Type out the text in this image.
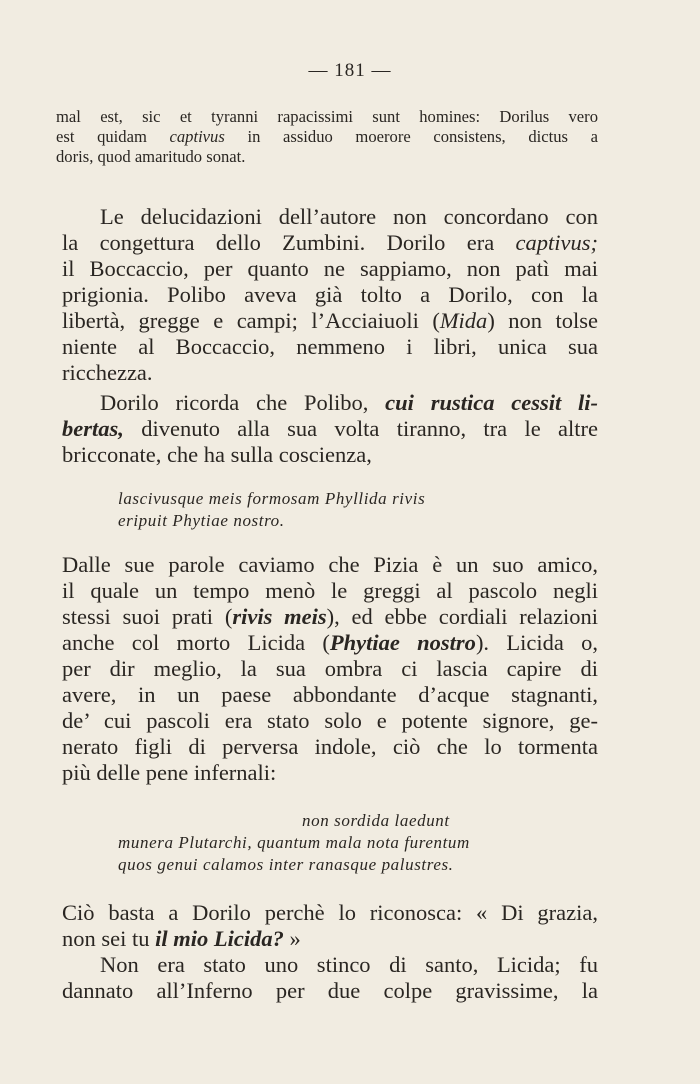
— 181 —
mal est, sic et tyranni rapacissimi sunt homines: Dorilus vero
est quidam captivus in assiduo moerore consistens, dictus a
doris, quod amaritudo sonat.
Le delucidazioni dell’autore non concordano con
la congettura dello Zumbini. Dorilo era captivus;
il Boccaccio, per quanto ne sappiamo, non patì mai
prigionia. Polibo aveva già tolto a Dorilo, con la
libertà, gregge e campi; l’Acciaiuoli (Mida) non tolse
niente al Boccaccio, nemmeno i libri, unica sua
ricchezza.
Dorilo ricorda che Polibo, cui rustica cessit li-
bertas, divenuto alla sua volta tiranno, tra le altre
bricconate, che ha sulla coscienza,
lascivusque meis formosam Phyllida rivis
eripuit Phytiae nostro.
Dalle sue parole caviamo che Pizia è un suo amico,
il quale un tempo menò le greggi al pascolo negli
stessi suoi prati (rivis meis), ed ebbe cordiali relazioni
anche col morto Licida (Phytiae nostro). Licida o,
per dir meglio, la sua ombra ci lascia capire di
avere, in un paese abbondante d’acque stagnanti,
de’ cui pascoli era stato solo e potente signore, ge-
nerato figli di perversa indole, ciò che lo tormenta
più delle pene infernali:
non sordida laedunt
munera Plutarchi, quantum mala nota furentum
quos genui calamos inter ranasque palustres.
Ciò basta a Dorilo perchè lo riconosca: « Di grazia,
non sei tu il mio Licida? »
Non era stato uno stinco di santo, Licida; fu
dannato all’Inferno per due colpe gravissime, la
